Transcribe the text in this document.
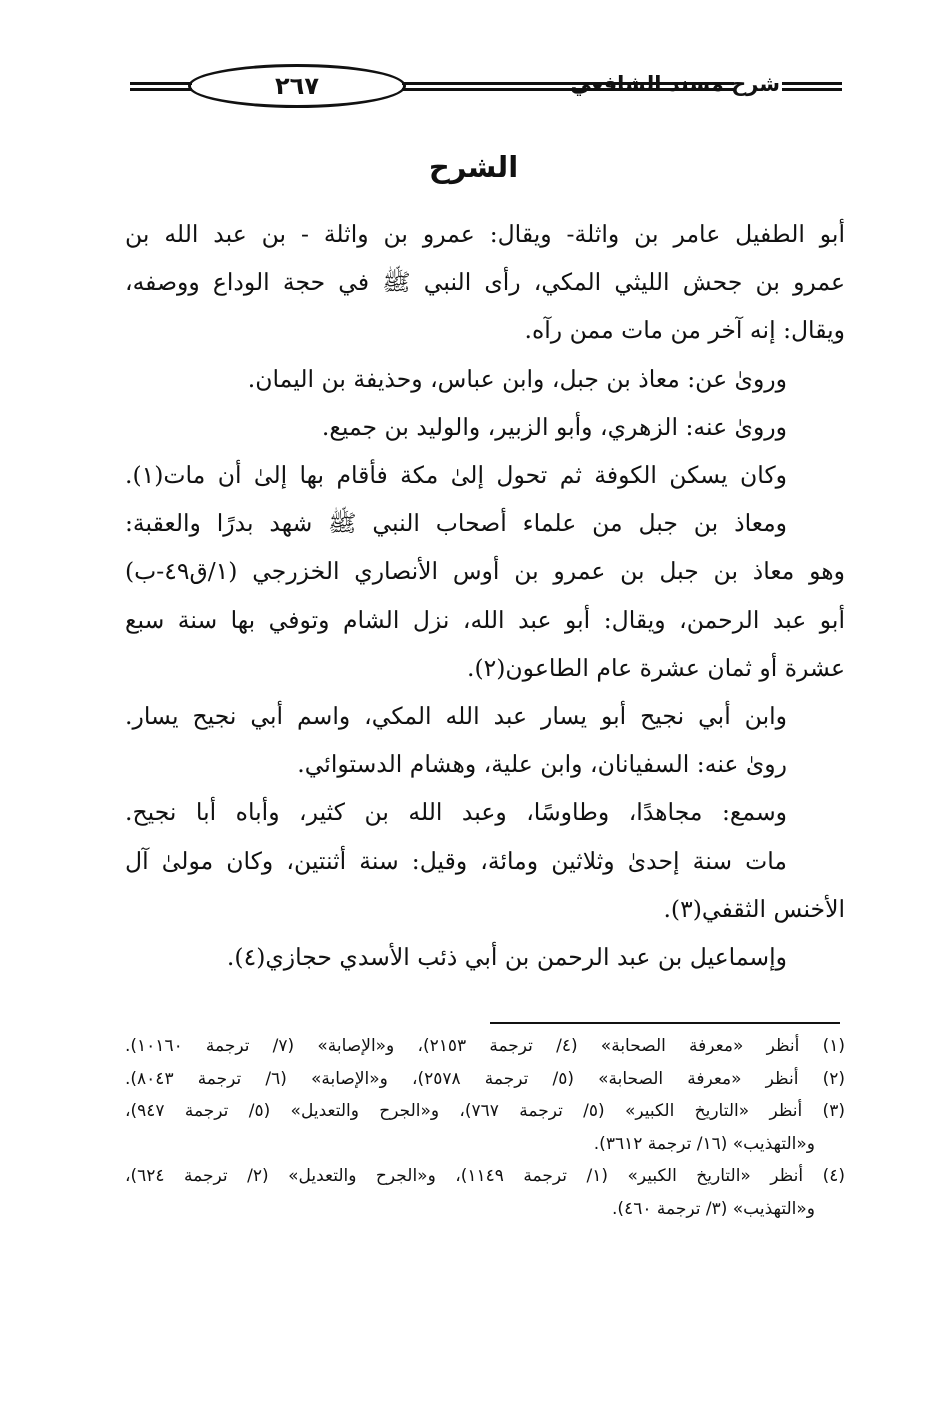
٢٦٧	شرح مسند الشافعي
الشرح
أبو الطفيل عامر بن واثلة- ويقال: عمرو بن واثلة - بن عبد الله بن
عمرو بن جحش الليثي المكي، رأى النبي ﷺ في حجة الوداع ووصفه،
ويقال: إنه آخر من مات ممن رآه.
ورویٰ عن: معاذ بن جبل، وابن عباس، وحذيفة بن اليمان.
ورویٰ عنه: الزهري، وأبو الزبير، والوليد بن جميع.
وكان يسكن الكوفة ثم تحول إلىٰ مكة فأقام بها إلىٰ أن مات(١).
ومعاذ بن جبل من علماء أصحاب النبي ﷺ شهد بدرًا والعقبة:
وهو معاذ بن جبل بن عمرو بن أوس الأنصاري الخزرجي (١/ق٤٩-ب)
أبو عبد الرحمن، ويقال: أبو عبد الله، نزل الشام وتوفي بها سنة سبع
عشرة أو ثمان عشرة عام الطاعون(٢).
وابن أبي نجيح أبو يسار عبد الله المكي، واسم أبي نجيح يسار.
رویٰ عنه: السفيانان، وابن علية، وهشام الدستوائي.
وسمع: مجاهدًا، وطاوسًا، وعبد الله بن كثير، وأباه أبا نجيح.
مات سنة إحدىٰ وثلاثين ومائة، وقيل: سنة أثنتين، وكان مولىٰ آل
الأخنس الثقفي(٣).
وإسماعيل بن عبد الرحمن بن أبي ذئب الأسدي حجازي(٤).
(١) أنظر «معرفة الصحابة» (٤/ ترجمة ٢١٥٣)، و«الإصابة» (٧/ ترجمة ١٠١٦٠).
(٢) أنظر «معرفة الصحابة» (٥/ ترجمة ٢٥٧٨)، و«الإصابة» (٦/ ترجمة ٨٠٤٣).
(٣) أنظر «التاريخ الكبير» (٥/ ترجمة ٧٦٧)، و«الجرح والتعديل» (٥/ ترجمة ٩٤٧)،
و«التهذيب» (١٦/ ترجمة ٣٦١٢).
(٤) أنظر «التاريخ الكبير» (١/ ترجمة ١١٤٩)، و«الجرح والتعديل» (٢/ ترجمة ٦٢٤)،
و«التهذيب» (٣/ ترجمة ٤٦٠).
